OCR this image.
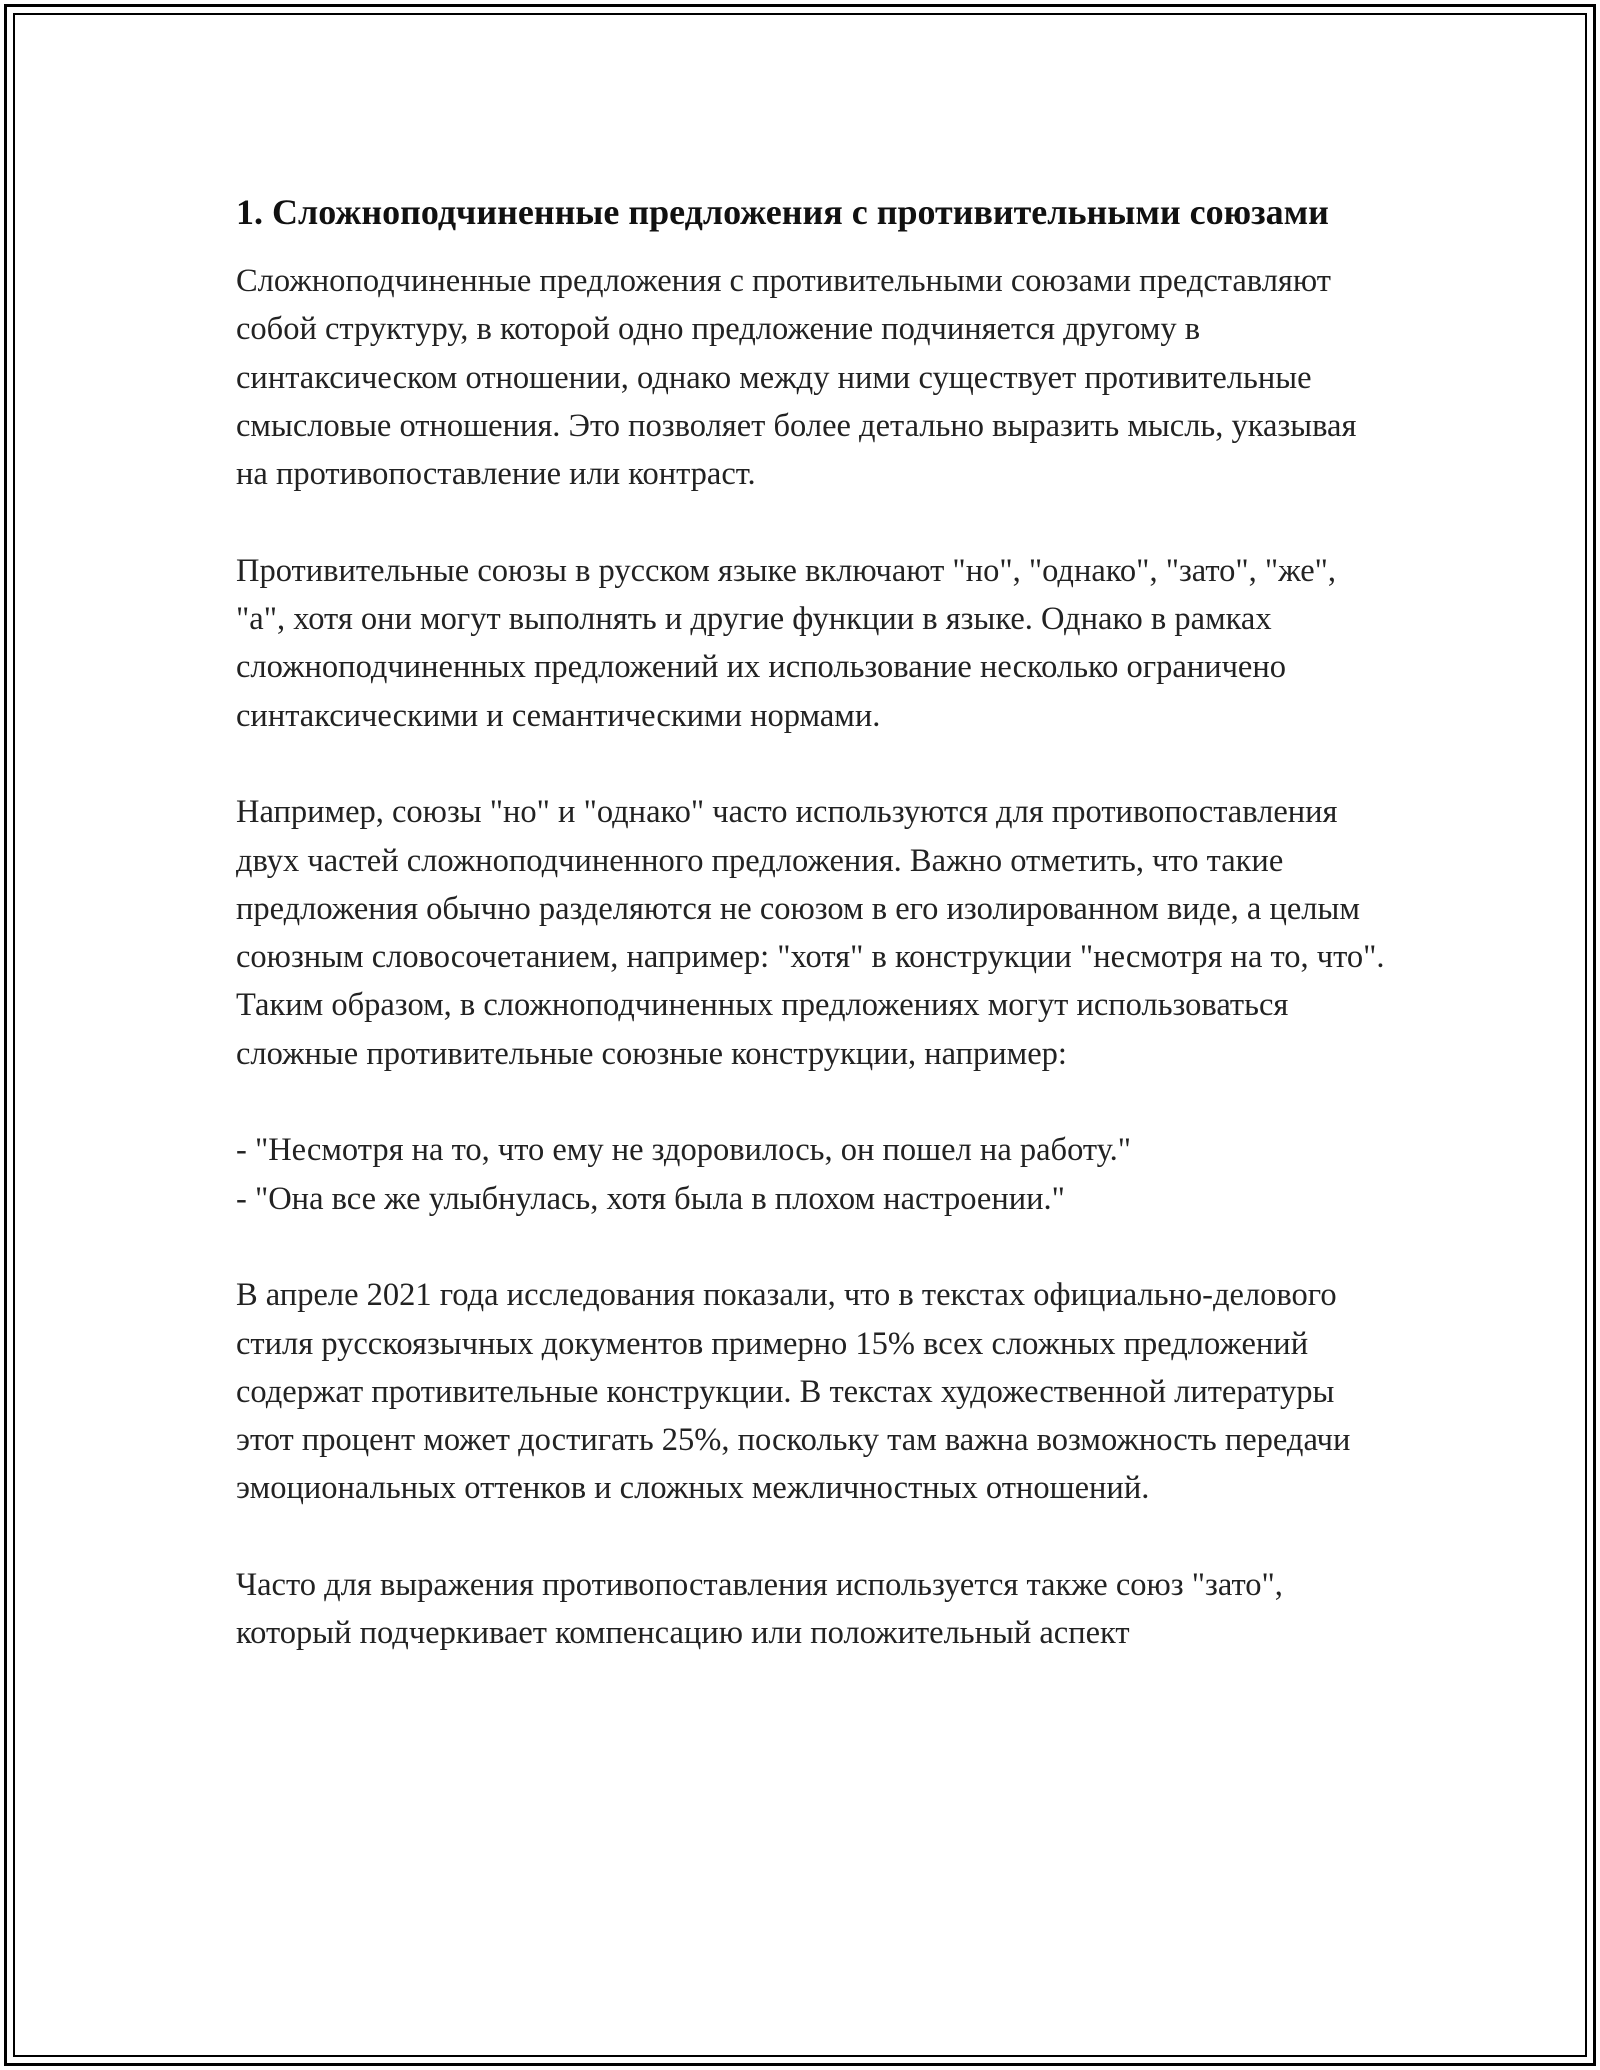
1. Сложноподчиненные предложения с противительными союзами

Сложноподчиненные предложения с противительными союзами представляют собой структуру, в которой одно предложение подчиняется другому в синтаксическом отношении, однако между ними существует противительные смысловые отношения. Это позволяет более детально выразить мысль, указывая на противопоставление или контраст.

Противительные союзы в русском языке включают "но", "однако", "зато", "же", "а", хотя они могут выполнять и другие функции в языке. Однако в рамках сложноподчиненных предложений их использование несколько ограничено синтаксическими и семантическими нормами.

Например, союзы "но" и "однако" часто используются для противопоставления двух частей сложноподчиненного предложения. Важно отметить, что такие предложения обычно разделяются не союзом в его изолированном виде, а целым союзным словосочетанием, например: "хотя" в конструкции "несмотря на то, что". Таким образом, в сложноподчиненных предложениях могут использоваться сложные противительные союзные конструкции, например:

- "Несмотря на то, что ему не здоровилось, он пошел на работу."
- "Она все же улыбнулась, хотя была в плохом настроении."

В апреле 2021 года исследования показали, что в текстах официально-делового стиля русскоязычных документов примерно 15% всех сложных предложений содержат противительные конструкции. В текстах художественной литературы этот процент может достигать 25%, поскольку там важна возможность передачи эмоциональных оттенков и сложных межличностных отношений.

Часто для выражения противопоставления используется также союз "зато", который подчеркивает компенсацию или положительный аспект
